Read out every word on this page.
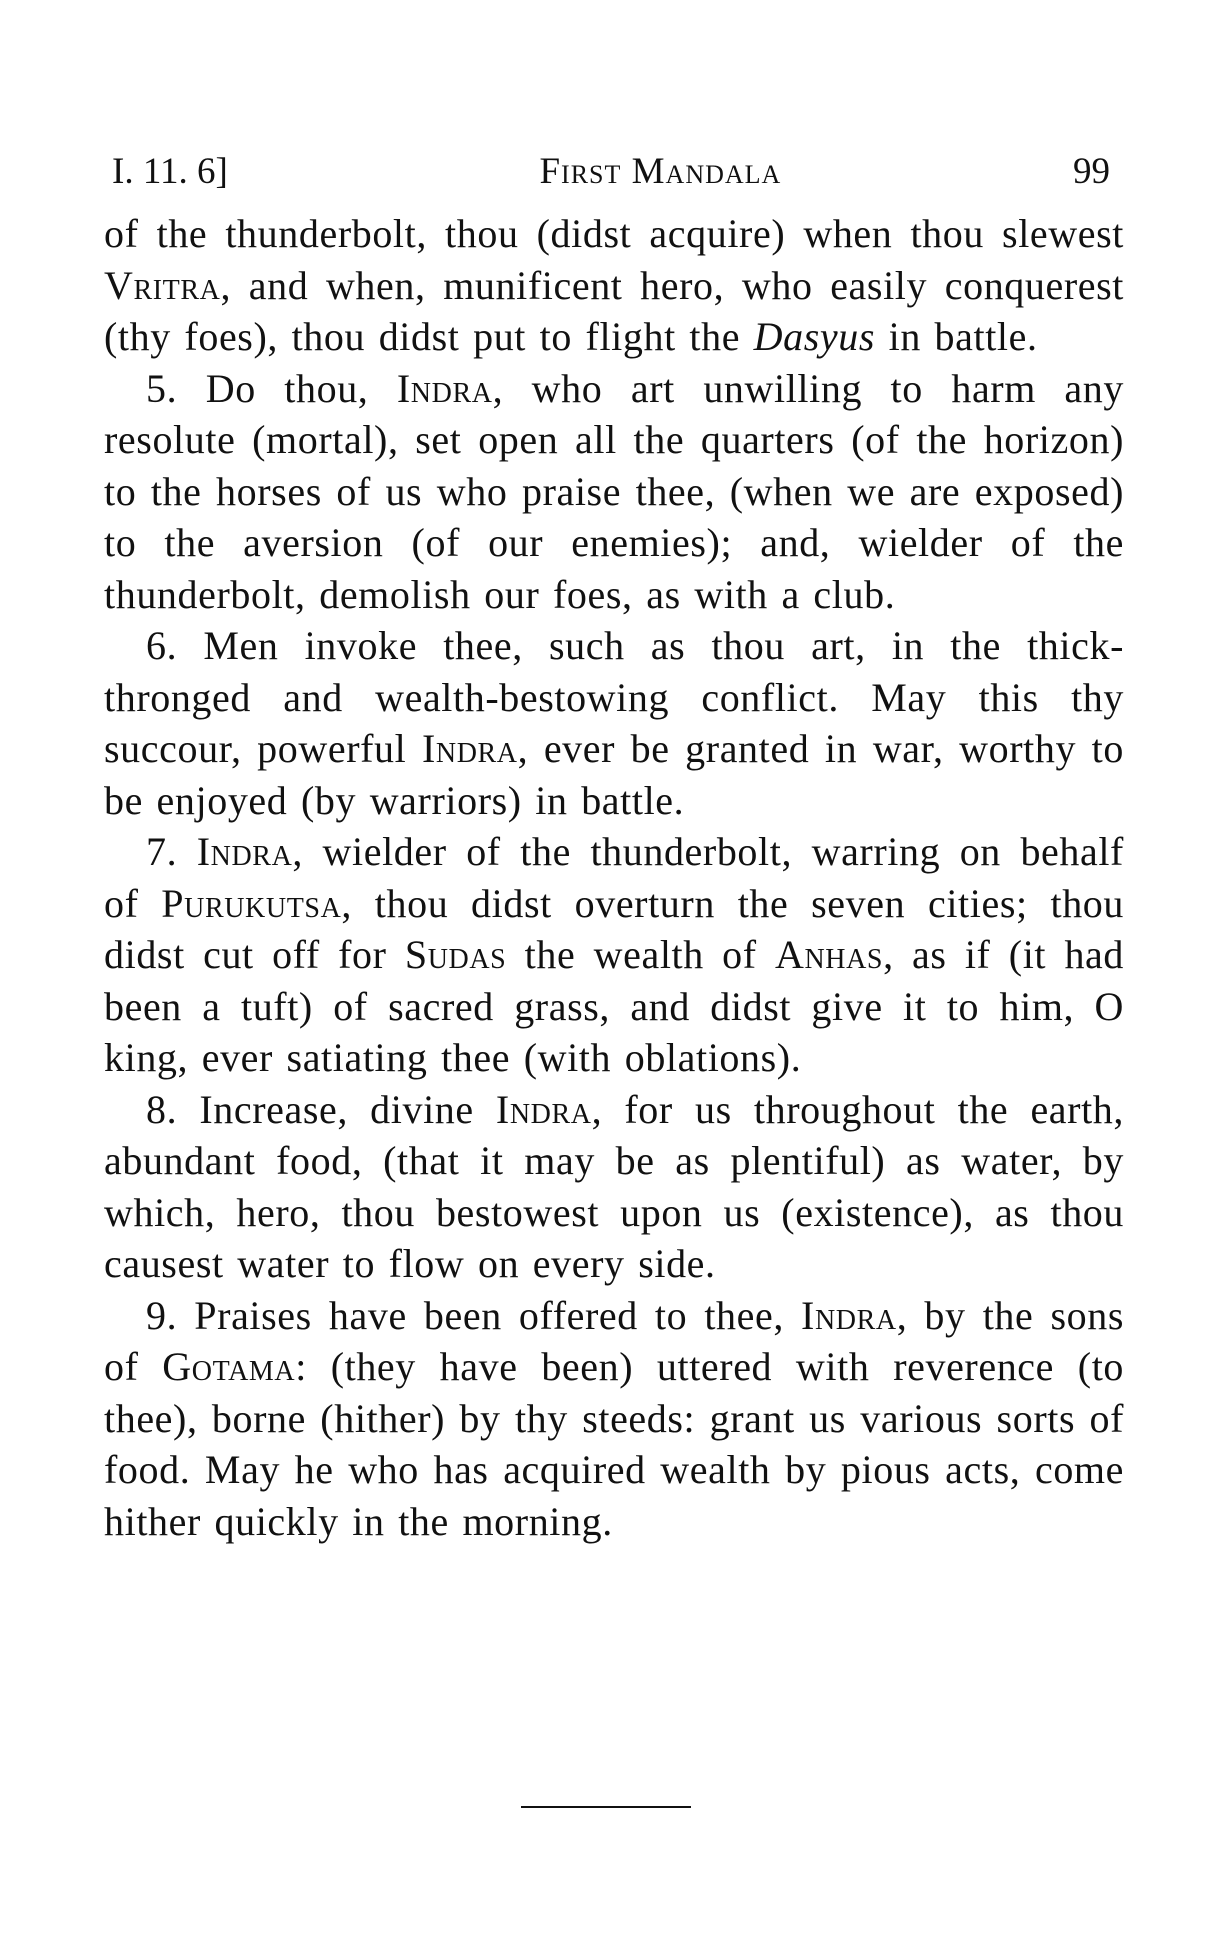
I. 11. 6]	First Mandala	99

of the thunderbolt, thou (didst acquire) when thou slewest Vritra, and when, munificent hero, who easily conquerest (thy foes), thou didst put to flight the Dasyus in battle.

5. Do thou, Indra, who art unwilling to harm any resolute (mortal), set open all the quarters (of the horizon) to the horses of us who praise thee, (when we are exposed) to the aversion (of our enemies); and, wielder of the thunderbolt, demolish our foes, as with a club.

6. Men invoke thee, such as thou art, in the thick-thronged and wealth-bestowing conflict. May this thy succour, powerful Indra, ever be granted in war, worthy to be enjoyed (by warriors) in battle.

7. Indra, wielder of the thunderbolt, warring on behalf of Purukutsa, thou didst overturn the seven cities; thou didst cut off for Sudas the wealth of Anhas, as if (it had been a tuft) of sacred grass, and didst give it to him, O king, ever satiating thee (with oblations).

8. Increase, divine Indra, for us throughout the earth, abundant food, (that it may be as plentiful) as water, by which, hero, thou bestowest upon us (existence), as thou causest water to flow on every side.

9. Praises have been offered to thee, Indra, by the sons of Gotama: (they have been) uttered with reverence (to thee), borne (hither) by thy steeds: grant us various sorts of food. May he who has acquired wealth by pious acts, come hither quickly in the morning.
